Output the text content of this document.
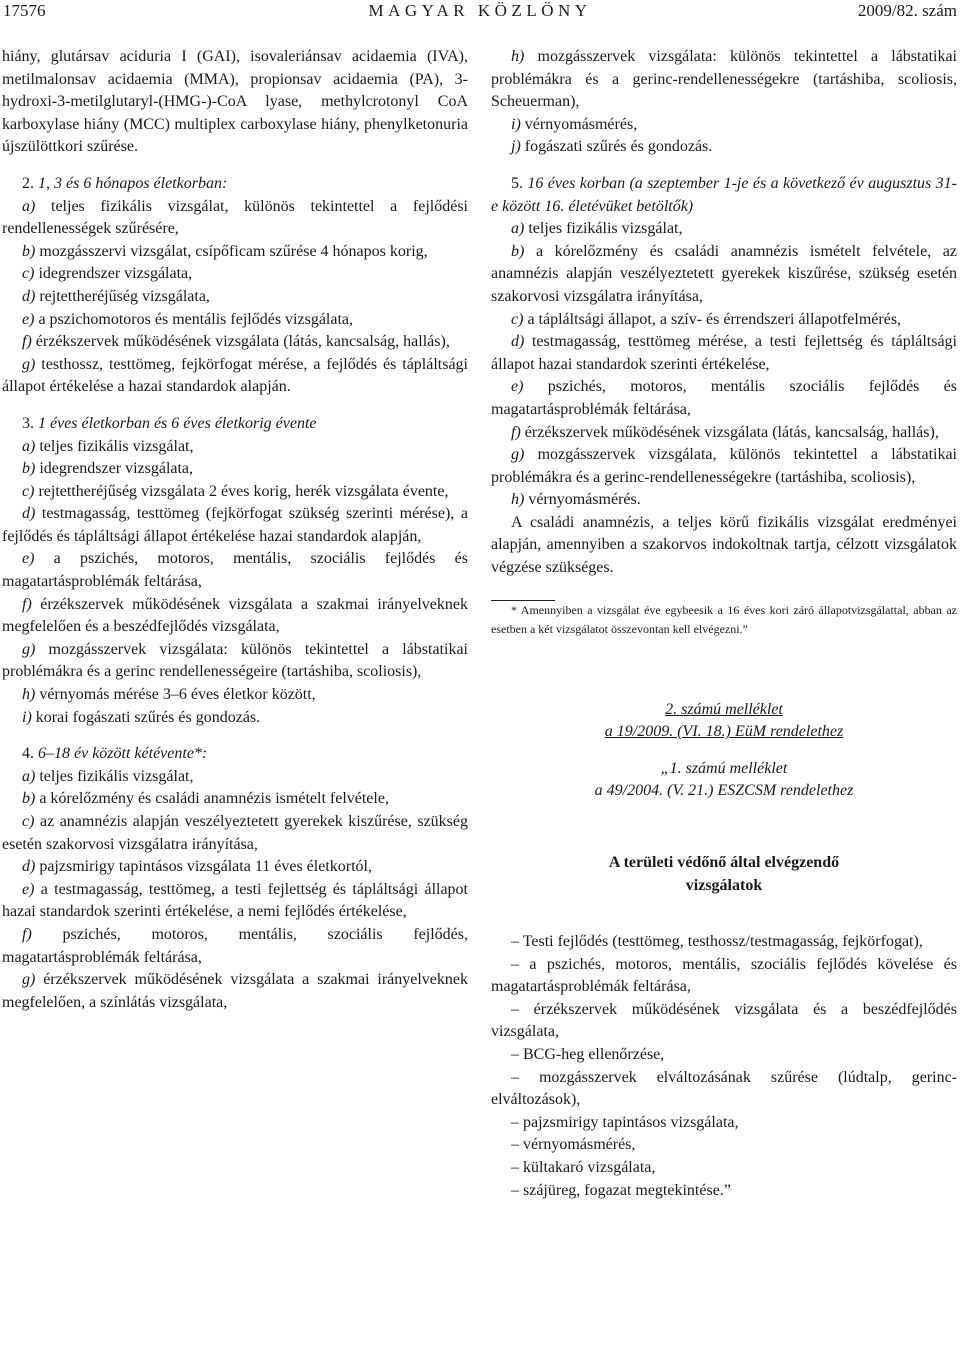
17576	MAGYAR KÖZLÖNY	2009/82. szám

hiány, glutársav aciduria I (GAI), isovaleriánsav acidaemia (IVA), metilmalonsav acidaemia (MMA), propionsav acidaemia (PA), 3-hydroxi-3-metilglutaryl-(HMG-)-CoA lyase, methylcrotonyl CoA karboxylase hiány (MCC) multiplex carboxylase hiány, phenylketonuria újszülöttkori szűrése.

2. 1, 3 és 6 hónapos életkorban:

a) teljes fizikális vizsgálat, különös tekintettel a fejlődési rendellenességek szűrésére,

b) mozgásszervi vizsgálat, csípőficam szűrése 4 hónapos korig,

c) idegrendszer vizsgálata,

d) rejtettheréjűség vizsgálata,

e) a pszichomotoros és mentális fejlődés vizsgálata,

f) érzékszervek működésének vizsgálata (látás, kancsalság, hallás),

g) testhossz, testtömeg, fejkörfogat mérése, a fejlődés és tápláltsági állapot értékelése a hazai standardok alapján.

3. 1 éves életkorban és 6 éves életkorig évente

a) teljes fizikális vizsgálat,

b) idegrendszer vizsgálata,

c) rejtettheréjűség vizsgálata 2 éves korig, herék vizsgálata évente,

d) testmagasság, testtömeg (fejkörfogat szükség szerinti mérése), a fejlődés és tápláltsági állapot értékelése hazai standardok alapján,

e) a pszichés, motoros, mentális, szociális fejlődés és magatartásproblémák feltárása,

f) érzékszervek működésének vizsgálata a szakmai irányelveknek megfelelően és a beszédfejlődés vizsgálata,

g) mozgásszervek vizsgálata: különös tekintettel a lábstatikai problémákra és a gerinc rendellenességeire (tartáshiba, scoliosis),

h) vérnyomás mérése 3–6 éves életkor között,

i) korai fogászati szűrés és gondozás.

4. 6–18 év között kétévente*:

a) teljes fizikális vizsgálat,

b) a kórelőzmény és családi anamnézis ismételt felvétele,

c) az anamnézis alapján veszélyeztetett gyerekek kiszűrése, szükség esetén szakorvosi vizsgálatra irányítása,

d) pajzsmirigy tapintásos vizsgálata 11 éves életkortól,

e) a testmagasság, testtömeg, a testi fejlettség és tápláltsági állapot hazai standardok szerinti értékelése, a nemi fejlődés értékelése,

f) pszichés, motoros, mentális, szociális fejlődés, magatartásproblémák feltárása,

g) érzékszervek működésének vizsgálata a szakmai irányelveknek megfelelően, a színlátás vizsgálata,

h) mozgásszervek vizsgálata: különös tekintettel a lábstatikai problémákra és a gerinc-rendellenességekre (tartáshiba, scoliosis, Scheuerman),

i) vérnyomásmérés,

j) fogászati szűrés és gondozás.

5. 16 éves korban (a szeptember 1-je és a következő év augusztus 31-e között 16. életévüket betöltők)

a) teljes fizikális vizsgálat,

b) a kórelőzmény és családi anamnézis ismételt felvétele, az anamnézis alapján veszélyeztetett gyerekek kiszűrése, szükség esetén szakorvosi vizsgálatra irányítása,

c) a tápláltsági állapot, a szív- és érrendszeri állapotfelmérés,

d) testmagasság, testtömeg mérése, a testi fejlettség és tápláltsági állapot hazai standardok szerinti értékelése,

e) pszichés, motoros, mentális szociális fejlődés és magatartásproblémák feltárása,

f) érzékszervek működésének vizsgálata (látás, kancsalság, hallás),

g) mozgásszervek vizsgálata, különös tekintettel a lábstatikai problémákra és a gerinc-rendellenességekre (tartáshiba, scoliosis),

h) vérnyomásmérés.

A családi anamnézis, a teljes körű fizikális vizsgálat eredményei alapján, amennyiben a szakorvos indokoltnak tartja, célzott vizsgálatok végzése szükséges.

* Amennyiben a vizsgálat éve egybeesik a 16 éves kori záró állapotvizsgálattal, abban az esetben a két vizsgálatot összevontan kell elvégezni.”

2. számú melléklet

a 19/2009. (VI. 18.) EüM rendelethez

„1. számú melléklet

a 49/2004. (V. 21.) ESZCSM rendelethez

A területi védőnő által elvégzendő

vizsgálatok

– Testi fejlődés (testtömeg, testhossz/testmagasság, fejkörfogat),

– a pszichés, motoros, mentális, szociális fejlődés kövelése és magatartásproblémák feltárása,

– érzékszervek működésének vizsgálata és a beszédfejlődés vizsgálata,

– BCG-heg ellenőrzése,

– mozgásszervek elváltozásának szűrése (lúdtalp, gerinc-elváltozások),

– pajzsmirigy tapintásos vizsgálata,

– vérnyomásmérés,

– kültakaró vizsgálata,

– szájüreg, fogazat megtekintése.”
